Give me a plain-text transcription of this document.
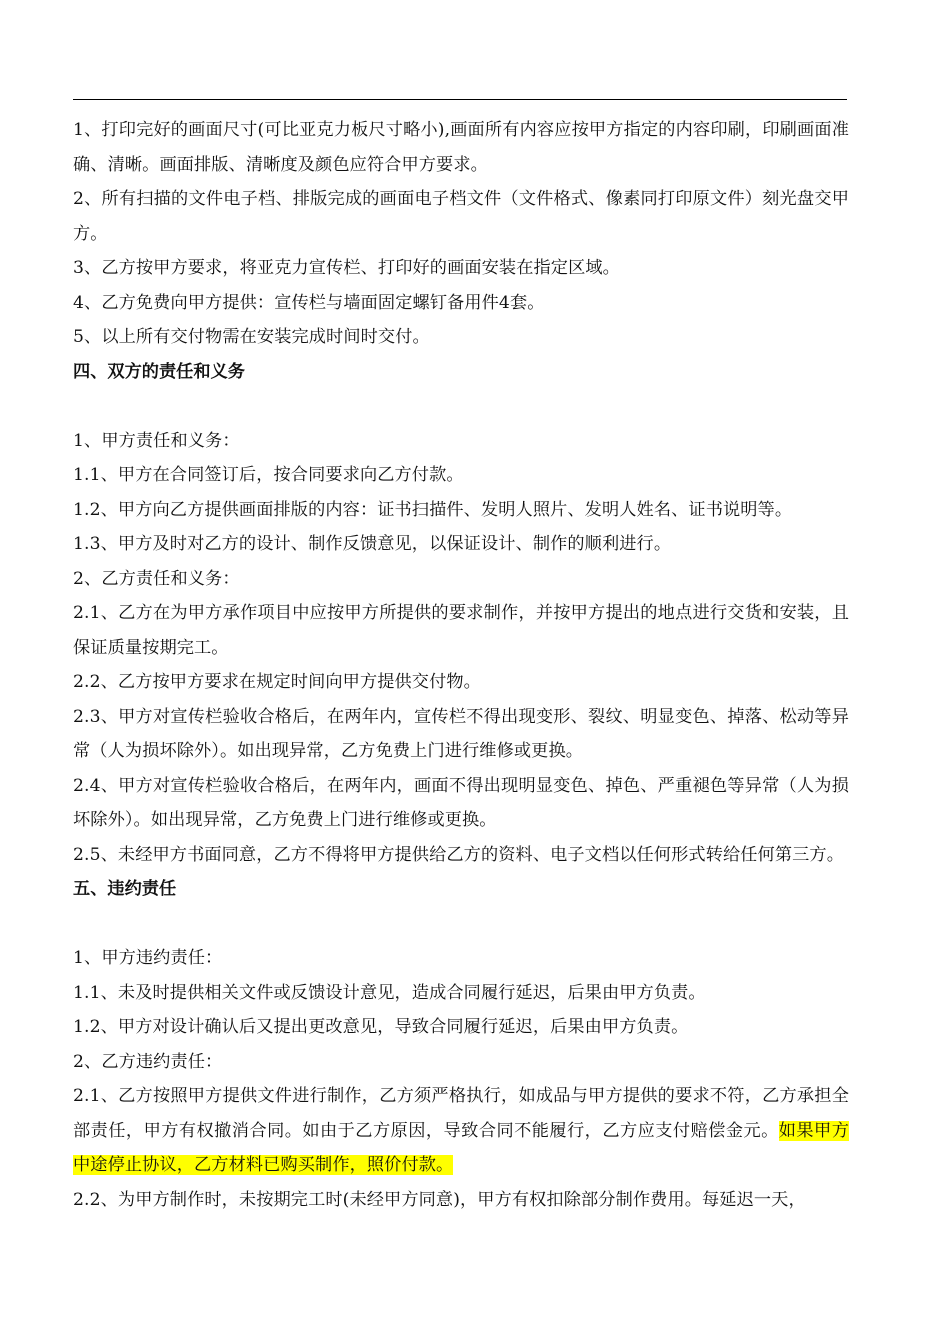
1、打印完好的画面尺寸(可比亚克力板尺寸略小),画面所有内容应按甲方指定的内容印刷，印刷画面准确、清晰。画面排版、清晰度及颜色应符合甲方要求。

2、所有扫描的文件电子档、排版完成的画面电子档文件（文件格式、像素同打印原文件）刻光盘交甲方。

3、乙方按甲方要求，将亚克力宣传栏、打印好的画面安装在指定区域。

4、乙方免费向甲方提供：宣传栏与墙面固定螺钉备用件4套。

5、以上所有交付物需在安装完成时间时交付。

四、双方的责任和义务

1、甲方责任和义务：

1.1、甲方在合同签订后，按合同要求向乙方付款。

1.2、甲方向乙方提供画面排版的内容：证书扫描件、发明人照片、发明人姓名、证书说明等。

1.3、甲方及时对乙方的设计、制作反馈意见，以保证设计、制作的顺利进行。

2、乙方责任和义务：

2.1、乙方在为甲方承作项目中应按甲方所提供的要求制作，并按甲方提出的地点进行交货和安装，且保证质量按期完工。

2.2、乙方按甲方要求在规定时间向甲方提供交付物。

2.3、甲方对宣传栏验收合格后，在两年内，宣传栏不得出现变形、裂纹、明显变色、掉落、松动等异常（人为损坏除外）。如出现异常，乙方免费上门进行维修或更换。

2.4、甲方对宣传栏验收合格后，在两年内，画面不得出现明显变色、掉色、严重褪色等异常（人为损坏除外）。如出现异常，乙方免费上门进行维修或更换。

2.5、未经甲方书面同意，乙方不得将甲方提供给乙方的资料、电子文档以任何形式转给任何第三方。

五、违约责任

1、甲方违约责任：

1.1、未及时提供相关文件或反馈设计意见，造成合同履行延迟，后果由甲方负责。

1.2、甲方对设计确认后又提出更改意见，导致合同履行延迟，后果由甲方负责。

2、乙方违约责任：

2.1、乙方按照甲方提供文件进行制作，乙方须严格执行，如成品与甲方提供的要求不符，乙方承担全部责任，甲方有权撤消合同。如由于乙方原因，导致合同不能履行，乙方应支付赔偿金元。如果甲方中途停止协议，乙方材料已购买制作，照价付款。

2.2、为甲方制作时，未按期完工时(未经甲方同意)，甲方有权扣除部分制作费用。每延迟一天，
